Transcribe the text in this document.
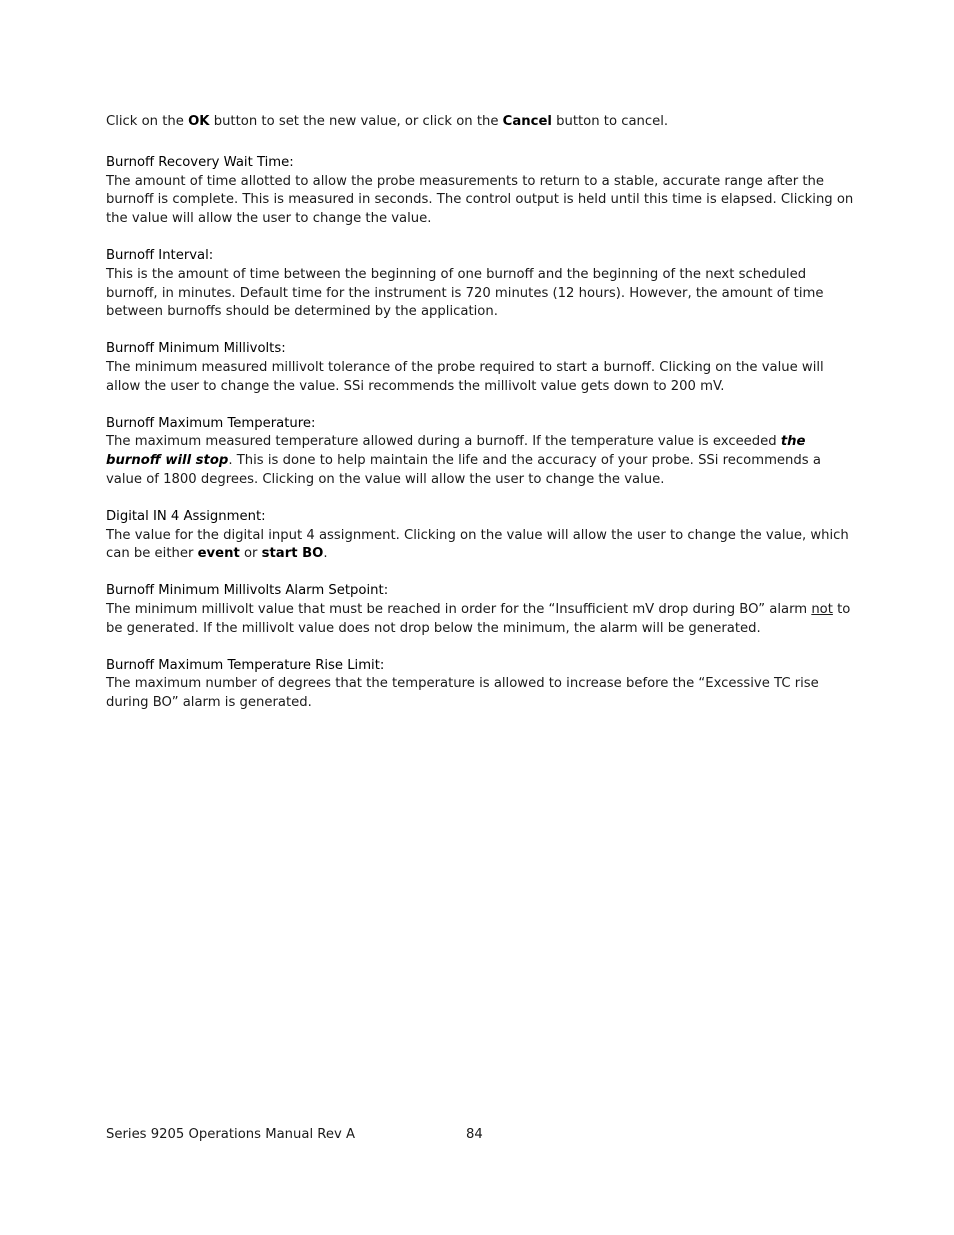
Click on the OK button to set the new value, or click on the Cancel button to cancel.

Burnoff Recovery Wait Time:

The amount of time allotted to allow the probe measurements to return to a stable, accurate range after the burnoff is complete. This is measured in seconds. The control output is held until this time is elapsed. Clicking on the value will allow the user to change the value.

Burnoff Interval:

This is the amount of time between the beginning of one burnoff and the beginning of the next scheduled burnoff, in minutes. Default time for the instrument is 720 minutes (12 hours). However, the amount of time between burnoffs should be determined by the application.

Burnoff Minimum Millivolts:

The minimum measured millivolt tolerance of the probe required to start a burnoff. Clicking on the value will allow the user to change the value. SSi recommends the millivolt value gets down to 200 mV.

Burnoff Maximum Temperature:

The maximum measured temperature allowed during a burnoff. If the temperature value is exceeded the burnoff will stop. This is done to help maintain the life and the accuracy of your probe. SSi recommends a value of 1800 degrees. Clicking on the value will allow the user to change the value.

Digital IN 4 Assignment:

The value for the digital input 4 assignment. Clicking on the value will allow the user to change the value, which can be either event or start BO.

Burnoff Minimum Millivolts Alarm Setpoint:

The minimum millivolt value that must be reached in order for the “Insufficient mV drop during BO” alarm not to be generated. If the millivolt value does not drop below the minimum, the alarm will be generated.

Burnoff Maximum Temperature Rise Limit:

The maximum number of degrees that the temperature is allowed to increase before the “Excessive TC rise during BO” alarm is generated.

Series 9205 Operations Manual Rev A	84
